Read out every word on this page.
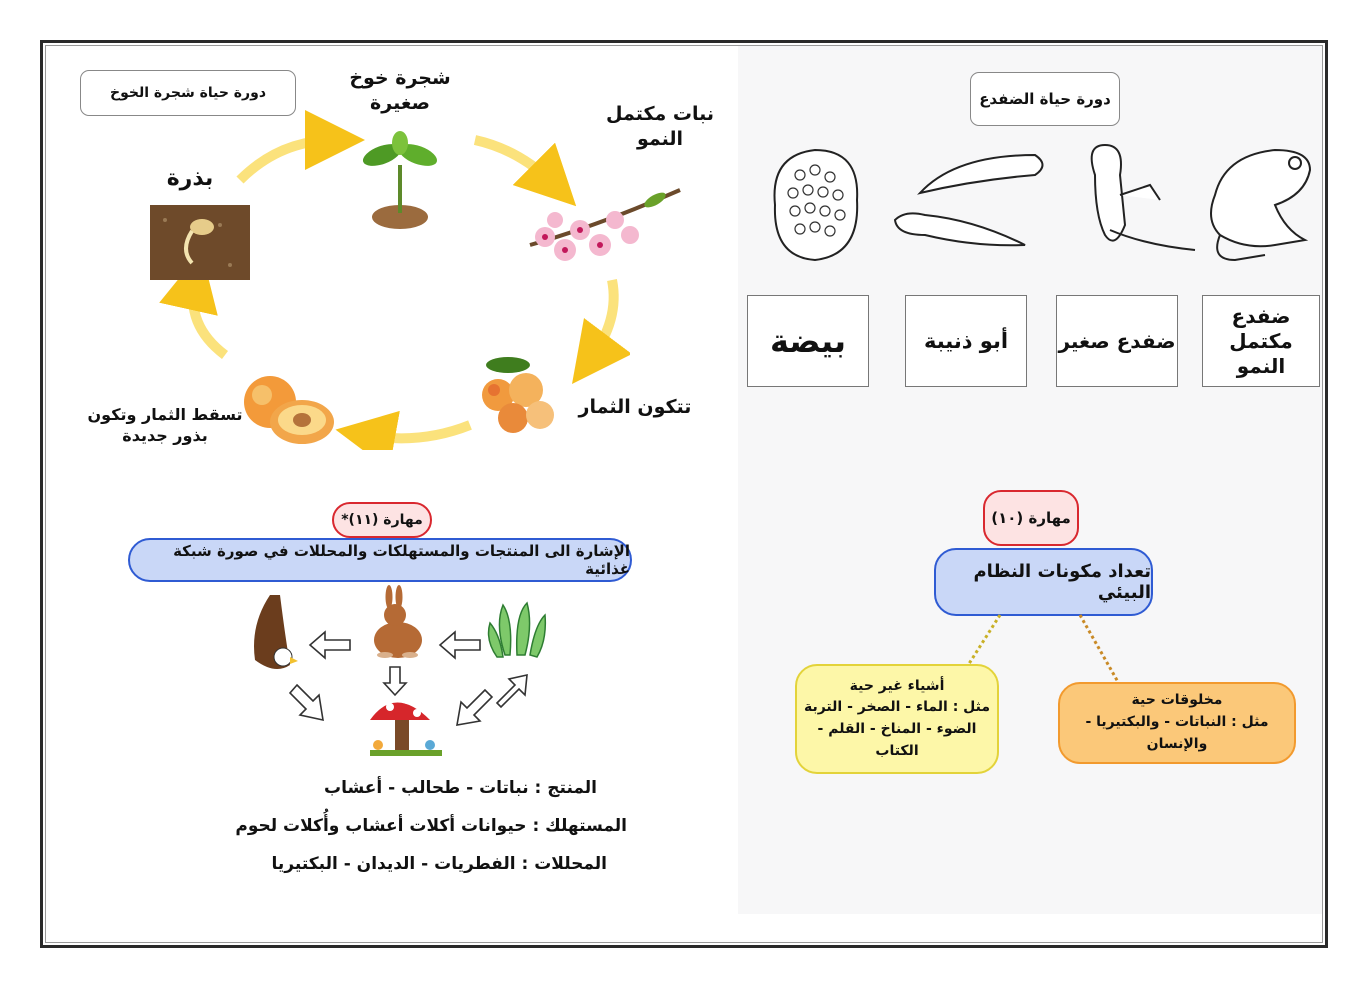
دورة حياة شجرة الخوخ
شجرة خوخ صغيرة
نبات مكتمل النمو
بذرة
تتكون الثمار
تسقط الثمار وتكون بذور جديدة
دورة حياة الضفدع
بيضة	أبو ذنيبة	ضفدع صغير
ضفدع مكتمل النمو
مهارة (١١)*
الإشارة الى المنتجات والمستهلكات والمحللات في صورة شبكة غذائية
المنتج : نباتات - طحالب - أعشاب
المستهلك : حيوانات أكلات أعشاب وأُكلات لحوم
المحللات : الفطريات - الديدان - البكتيريا
مهارة (١٠)
تعداد مكونات النظام البيئي
أشياء غير حية
مثل : الماء - الصخر - التربة
الضوء - المناخ - القلم - الكتاب
مخلوقات حية
مثل : النباتات - والبكتيريا - والإنسان
